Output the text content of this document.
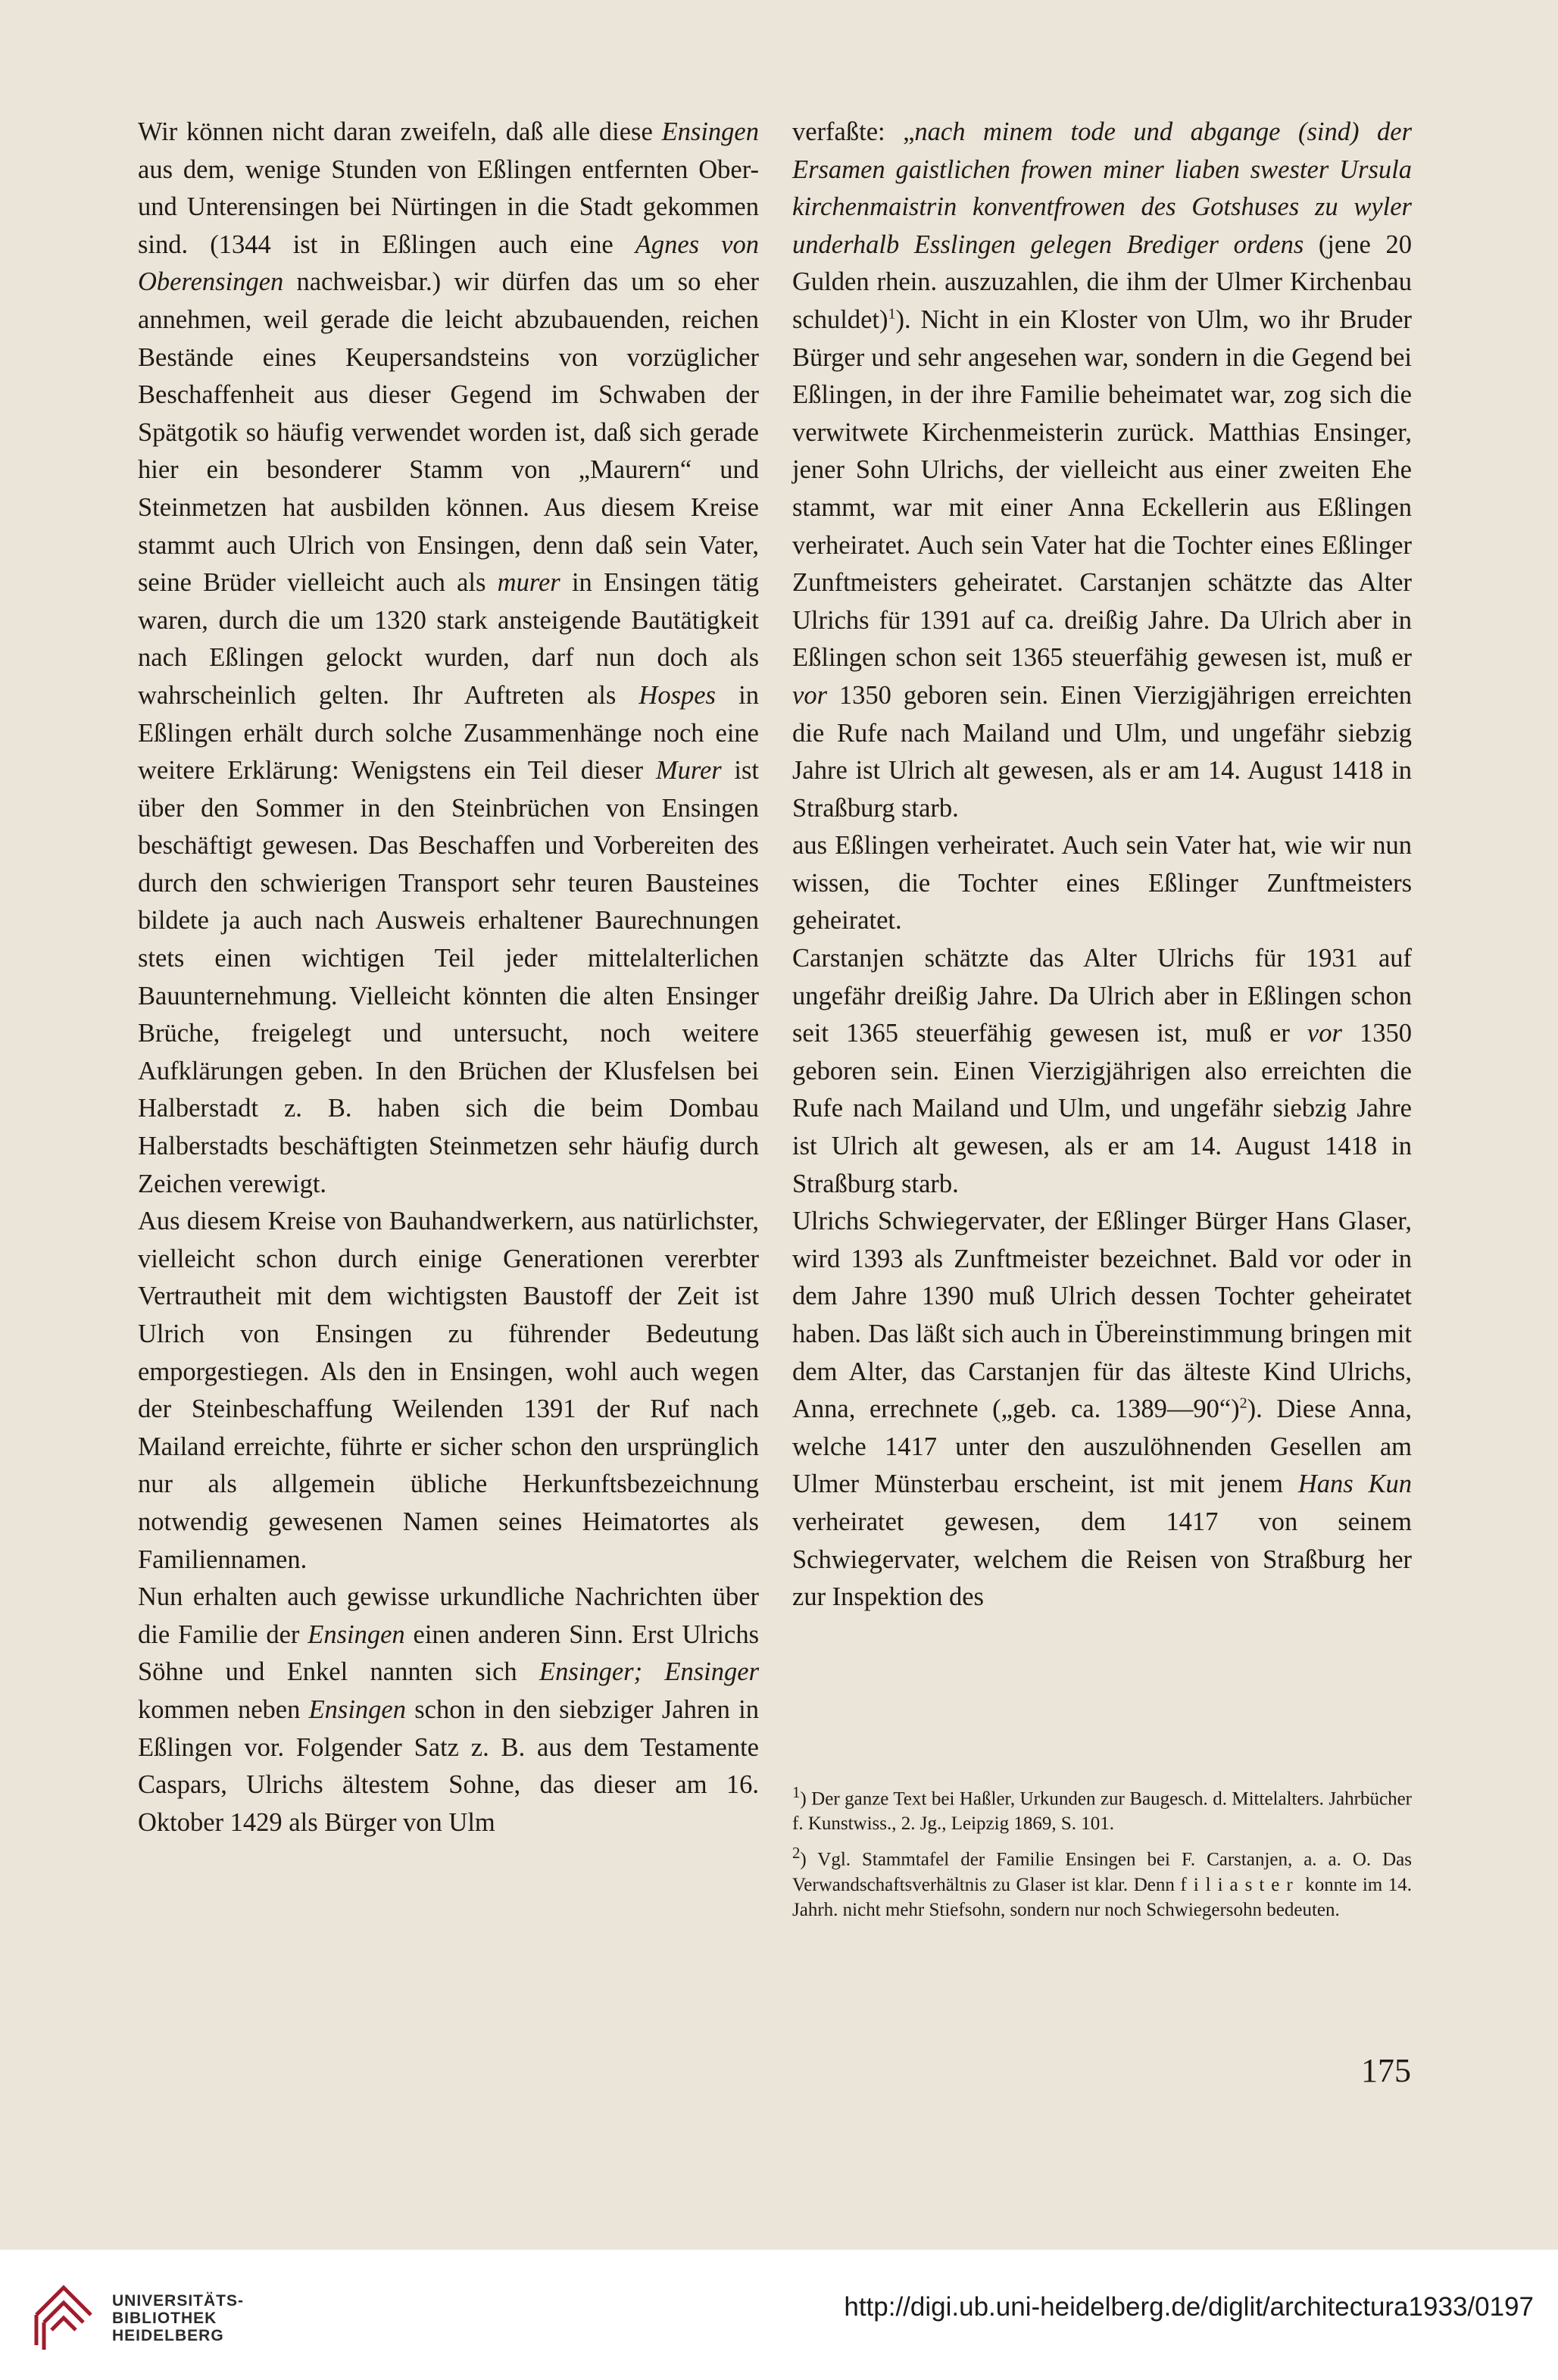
Wir können nicht daran zweifeln, daß alle diese Ensingen aus dem, wenige Stunden von Eßlingen entfernten Ober- und Unterensingen bei Nürtingen in die Stadt gekommen sind. (1344 ist in Eßlingen auch eine Agnes von Oberensingen nachweisbar.) wir dürfen das um so eher annehmen, weil gerade die leicht abzubauenden, reichen Bestände eines Keupersandsteins von vorzüglicher Beschaffenheit aus dieser Gegend im Schwaben der Spätgotik so häufig verwendet worden ist, daß sich gerade hier ein besonderer Stamm von „Maurern“ und Steinmetzen hat ausbilden können. Aus diesem Kreise stammt auch Ulrich von Ensingen, denn daß sein Vater, seine Brüder vielleicht auch als murer in Ensingen tätig waren, durch die um 1320 stark ansteigende Bautätigkeit nach Eßlingen gelockt wurden, darf nun doch als wahrscheinlich gelten. Ihr Auftreten als Hospes in Eßlingen erhält durch solche Zusammenhänge noch eine weitere Erklärung: Wenigstens ein Teil dieser Murer ist über den Sommer in den Steinbrüchen von Ensingen beschäftigt gewesen. Das Beschaffen und Vorbereiten des durch den schwierigen Transport sehr teuren Bausteines bildete ja auch nach Ausweis erhaltener Baurechnungen stets einen wichtigen Teil jeder mittelalterlichen Bauunternehmung. Vielleicht könnten die alten Ensinger Brüche, freigelegt und untersucht, noch weitere Aufklärungen geben. In den Brüchen der Klusfelsen bei Halberstadt z. B. haben sich die beim Dombau Halberstadts beschäftigten Steinmetzen sehr häufig durch Zeichen verewigt.

Aus diesem Kreise von Bauhandwerkern, aus natürlichster, vielleicht schon durch einige Generationen vererbter Vertrautheit mit dem wichtigsten Baustoff der Zeit ist Ulrich von Ensingen zu führender Bedeutung emporgestiegen. Als den in Ensingen, wohl auch wegen der Steinbeschaffung Weilenden 1391 der Ruf nach Mailand erreichte, führte er sicher schon den ursprünglich nur als allgemein übliche Herkunftsbezeichnung notwendig gewesenen Namen seines Heimatortes als Familiennamen.

Nun erhalten auch gewisse urkundliche Nachrichten über die Familie der Ensingen einen anderen Sinn. Erst Ulrichs Söhne und Enkel nannten sich Ensinger; Ensinger kommen neben Ensingen schon in den siebziger Jahren in Eßlingen vor. Folgender Satz z. B. aus dem Testamente Caspars, Ulrichs ältestem Sohne, das dieser am 16. Oktober 1429 als Bürger von Ulm

verfaßte: „nach minem tode und abgange (sind) der Ersamen gaistlichen frowen miner liaben swester Ursula kirchenmaistrin konventfrowen des Gotshuses zu wyler underhalb Esslingen gelegen Brediger ordens (jene 20 Gulden rhein. auszuzahlen, die ihm der Ulmer Kirchenbau schuldet)$^1$). Nicht in ein Kloster von Ulm, wo ihr Bruder Bürger und sehr angesehen war, sondern in die Gegend bei Eßlingen, in der ihre Familie beheimatet war, zog sich die verwitwete Kirchenmeisterin zurück. Matthias Ensinger, jener Sohn Ulrichs, der vielleicht aus einer zweiten Ehe stammt, war mit einer Anna Eckellerin aus Eßlingen verheiratet. Auch sein Vater hat die Tochter eines Eßlinger Zunftmeisters geheiratet. Carstanjen schätzte das Alter Ulrichs für 1391 auf ca. dreißig Jahre. Da Ulrich aber in Eßlingen schon seit 1365 steuerfähig gewesen ist, muß er vor 1350 geboren sein. Einen Vierzigjährigen erreichten die Rufe nach Mailand und Ulm, und ungefähr siebzig Jahre ist Ulrich alt gewesen, als er am 14. August 1418 in Straßburg starb.

aus Eßlingen verheiratet. Auch sein Vater hat, wie wir nun wissen, die Tochter eines Eßlinger Zunftmeisters geheiratet.

Carstanjen schätzte das Alter Ulrichs für 1931 auf ungefähr dreißig Jahre. Da Ulrich aber in Eßlingen schon seit 1365 steuerfähig gewesen ist, muß er vor 1350 geboren sein. Einen Vierzigjährigen also erreichten die Rufe nach Mailand und Ulm, und ungefähr siebzig Jahre ist Ulrich alt gewesen, als er am 14. August 1418 in Straßburg starb.

Ulrichs Schwiegervater, der Eßlinger Bürger Hans Glaser, wird 1393 als Zunftmeister bezeichnet. Bald vor oder in dem Jahre 1390 muß Ulrich dessen Tochter geheiratet haben. Das läßt sich auch in Übereinstimmung bringen mit dem Alter, das Carstanjen für das älteste Kind Ulrichs, Anna, errechnete („geb. ca. 1389—90“)$^2$). Diese Anna, welche 1417 unter den auszulöhnenden Gesellen am Ulmer Münsterbau erscheint, ist mit jenem Hans Kun verheiratet gewesen, dem 1417 von seinem Schwiegervater, welchem die Reisen von Straßburg her zur Inspektion des

$^1$) Der ganze Text bei Haßler, Urkunden zur Baugesch. d. Mittelalters. Jahrbücher f. Kunstwiss., 2. Jg., Leipzig 1869, S. 101.

$^2$) Vgl. Stammtafel der Familie Ensingen bei F. Carstanjen, a. a. O. Das Verwandschaftsverhältnis zu Glaser ist klar. Denn filiaster konnte im 14. Jahrh. nicht mehr Stiefsohn, sondern nur noch Schwiegersohn bedeuten.

175
UNIVERSITÄTS-
BIBLIOTHEK
HEIDELBERG
http://digi.ub.uni-heidelberg.de/diglit/architectura1933/0197
